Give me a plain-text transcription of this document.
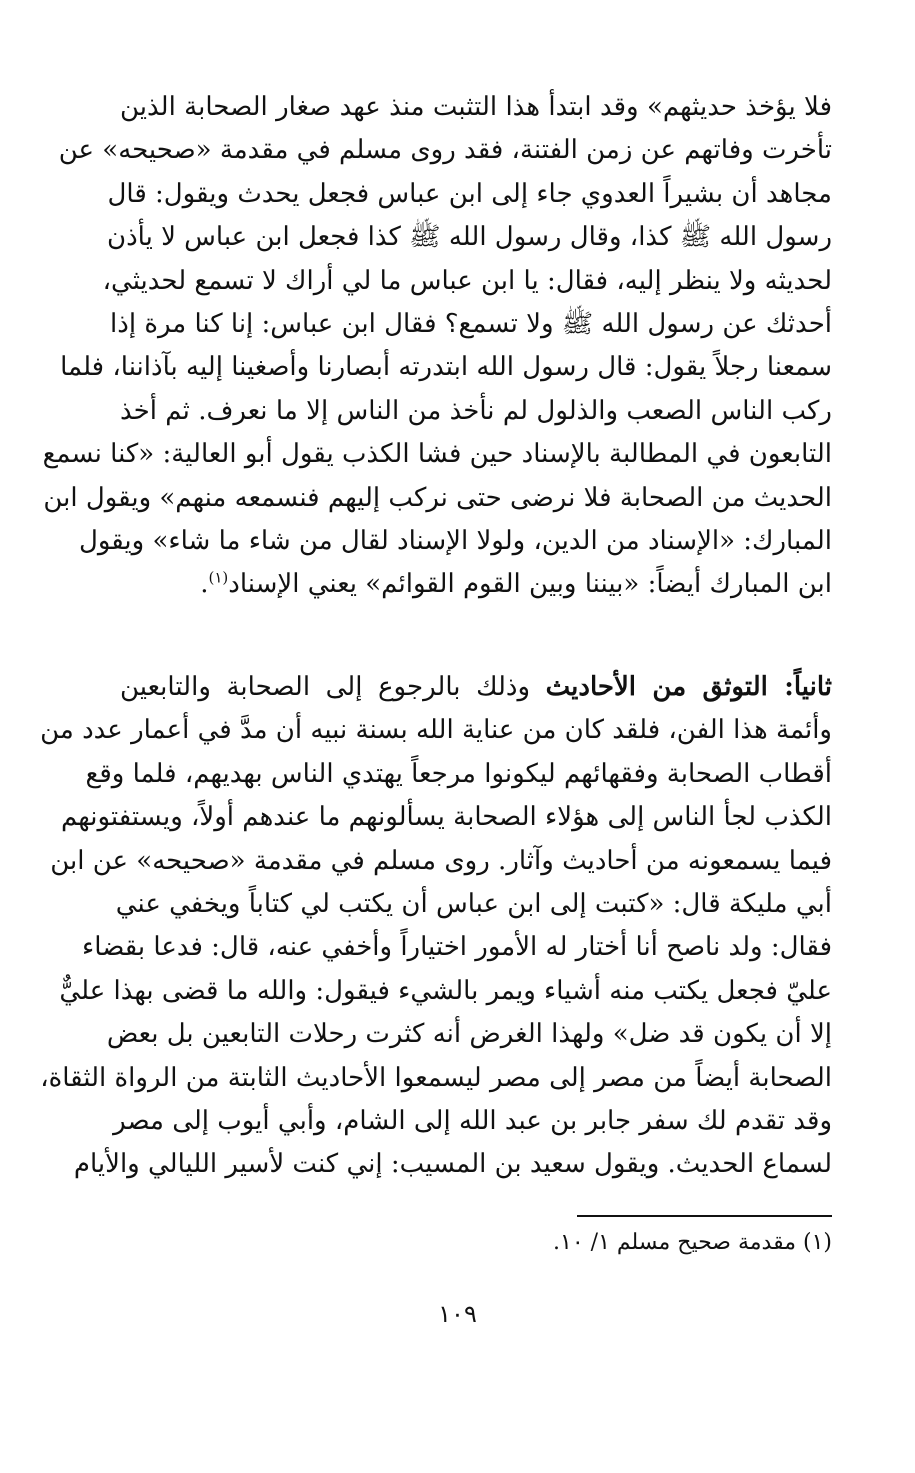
فلا يؤخذ حديثهم» وقد ابتدأ هذا التثبت منذ عهد صغار الصحابة الذين
تأخرت وفاتهم عن زمن الفتنة، فقد روى مسلم في مقدمة «صحيحه» عن
مجاهد أن بشيراً العدوي جاء إلى ابن عباس فجعل يحدث ويقول: قال
رسول الله ﷺ كذا، وقال رسول الله ﷺ كذا فجعل ابن عباس لا يأذن
لحديثه ولا ينظر إليه، فقال: يا ابن عباس ما لي أراك لا تسمع لحديثي،
أحدثك عن رسول الله ﷺ ولا تسمع؟ فقال ابن عباس: إنا كنا مرة إذا
سمعنا رجلاً يقول: قال رسول الله ابتدرته أبصارنا وأصغينا إليه بآذاننا، فلما
ركب الناس الصعب والذلول لم نأخذ من الناس إلا ما نعرف. ثم أخذ
التابعون في المطالبة بالإسناد حين فشا الكذب يقول أبو العالية: «كنا نسمع
الحديث من الصحابة فلا نرضى حتى نركب إليهم فنسمعه منهم» ويقول ابن
المبارك: «الإسناد من الدين، ولولا الإسناد لقال من شاء ما شاء» ويقول
ابن المبارك أيضاً: «بيننا وبين القوم القوائم» يعني الإسناد$^{(١)}$.
ثانياً: التوثق من الأحاديث وذلك بالرجوع إلى الصحابة والتابعين
وأئمة هذا الفن، فلقد كان من عناية الله بسنة نبيه أن مدَّ في أعمار عدد من
أقطاب الصحابة وفقهائهم ليكونوا مرجعاً يهتدي الناس بهديهم، فلما وقع
الكذب لجأ الناس إلى هؤلاء الصحابة يسألونهم ما عندهم أولاً، ويستفتونهم
فيما يسمعونه من أحاديث وآثار. روى مسلم في مقدمة «صحيحه» عن ابن
أبي مليكة قال: «كتبت إلى ابن عباس أن يكتب لي كتاباً ويخفي عني
فقال: ولد ناصح أنا أختار له الأمور اختياراً وأخفي عنه، قال: فدعا بقضاء
عليّ فجعل يكتب منه أشياء ويمر بالشيء فيقول: والله ما قضى بهذا عليٌّ
إلا أن يكون قد ضل» ولهذا الغرض أنه كثرت رحلات التابعين بل بعض
الصحابة أيضاً من مصر إلى مصر ليسمعوا الأحاديث الثابتة من الرواة الثقاة،
وقد تقدم لك سفر جابر بن عبد الله إلى الشام، وأبي أيوب إلى مصر
لسماع الحديث. ويقول سعيد بن المسيب: إني كنت لأسير الليالي والأيام
(١) مقدمة صحيح مسلم ١/ ١٠.
١٠٩
